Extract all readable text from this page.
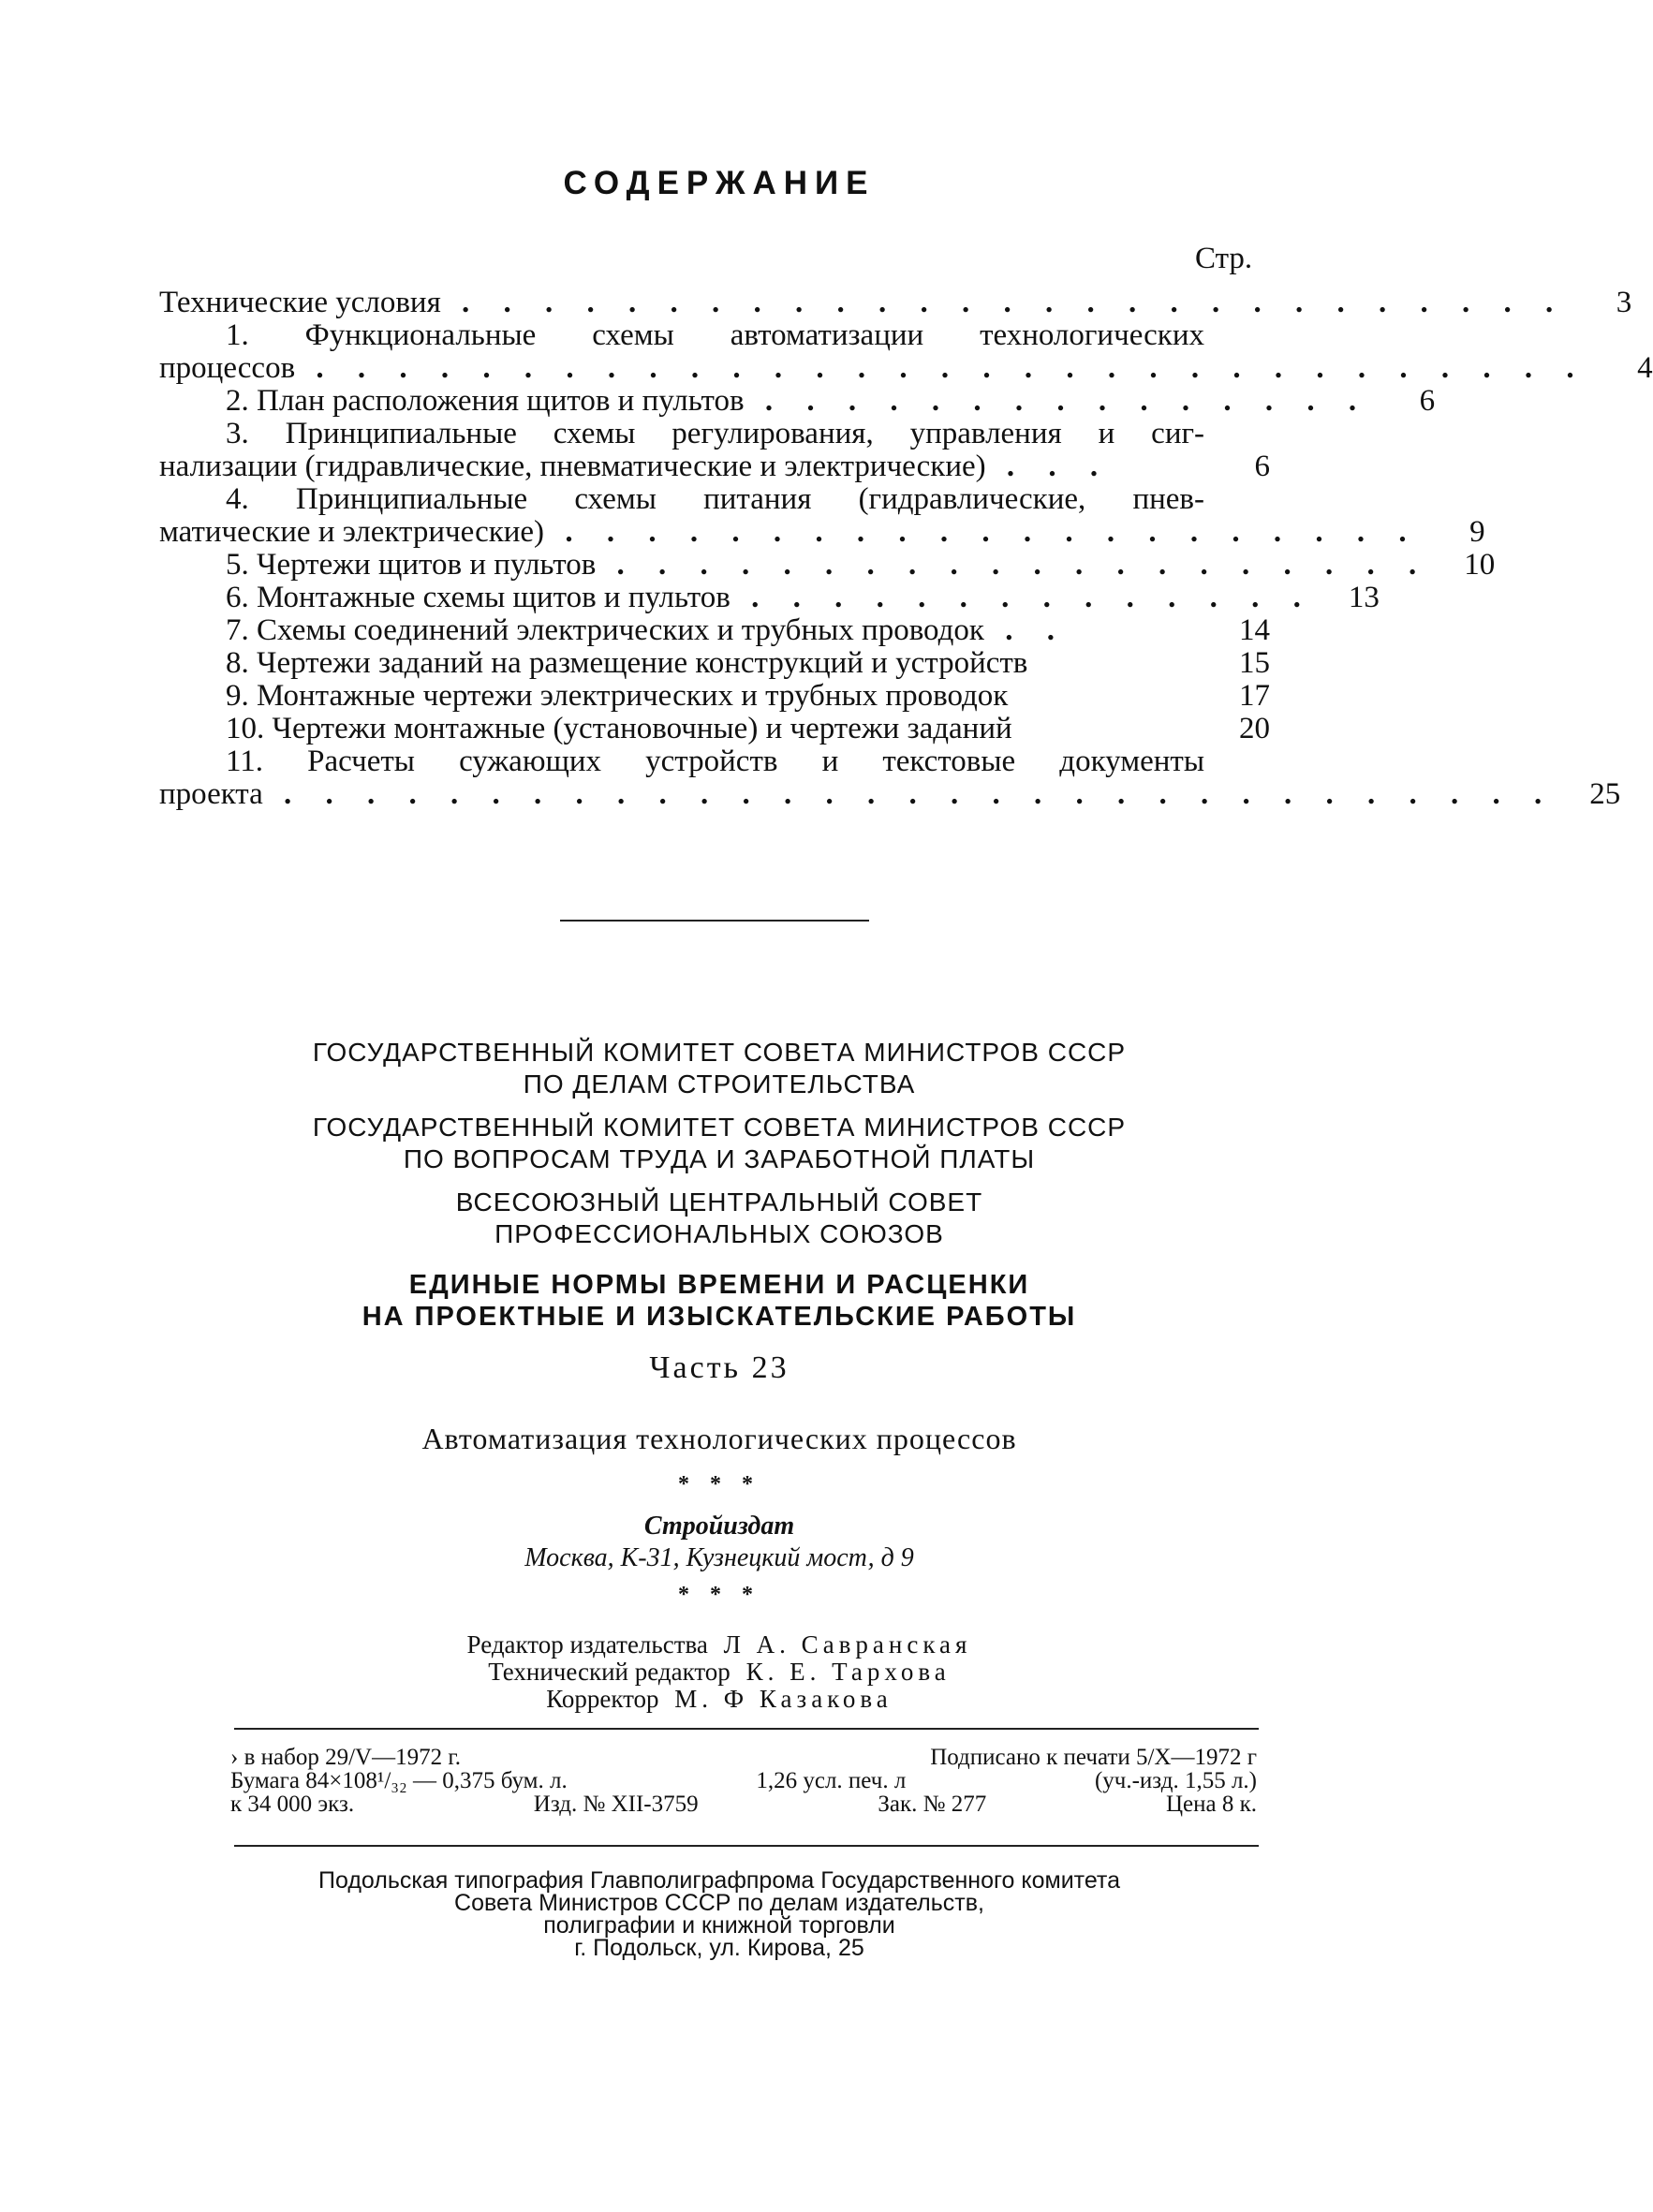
СОДЕРЖАНИЕ
Стр.
Технические условия . . . . . . . . . . . . . . . . . . . . . . . . . . .	3
1. Функциональные схемы автоматизации технологических
процессов . . . . . . . . . . . . . . . . . . . . . . . . . . . . . . .	4
2. План расположения щитов и пультов . . . . . . . . . . . . . . .	6
3. Принципиальные схемы регулирования, управления и сиг-
нализации (гидравлические, пневматические и электрические) . . .	6
4. Принципиальные схемы питания (гидравлические, пнев-
матические и электрические) . . . . . . . . . . . . . . . . . . . . .	9
5. Чертежи щитов и пультов . . . . . . . . . . . . . . . . . . . .	10
6. Монтажные схемы щитов и пультов . . . . . . . . . . . . . .	13
7. Схемы соединений электрических и трубных проводок . .	14
8. Чертежи заданий на размещение конструкций и устройств	15
9. Монтажные чертежи электрических и трубных проводок	17
10. Чертежи монтажные (установочные) и чертежи заданий	20
11. Расчеты сужающих устройств и текстовые документы
проекта . . . . . . . . . . . . . . . . . . . . . . . . . . . . . . .	25
ГОСУДАРСТВЕННЫЙ КОМИТЕТ СОВЕТА МИНИСТРОВ СССР
ПО ДЕЛАМ СТРОИТЕЛЬСТВА
ГОСУДАРСТВЕННЫЙ КОМИТЕТ СОВЕТА МИНИСТРОВ СССР
ПО ВОПРОСАМ ТРУДА И ЗАРАБОТНОЙ ПЛАТЫ
ВСЕСОЮЗНЫЙ ЦЕНТРАЛЬНЫЙ СОВЕТ
ПРОФЕССИОНАЛЬНЫХ СОЮЗОВ
ЕДИНЫЕ НОРМЫ ВРЕМЕНИ И РАСЦЕНКИ
НА ПРОЕКТНЫЕ И ИЗЫСКАТЕЛЬСКИЕ РАБОТЫ
Часть 23
Автоматизация технологических процессов
* * *
Стройиздат
Москва, К-31, Кузнецкий мост, д 9
* * *
Редактор издательства Л А. Савранская
Технический редактор К. Е. Тархова
Корректор М. Ф Казакова
› в набор 29/V—1972 г.	Подписано к печати 5/X—1972 г
Бумага 84×108¹/₃₂ — 0,375 бум. л.	1,26 усл. печ. л	(уч.-изд. 1,55 л.)
к 34 000 экз.	Изд. № XII-3759	Зак. № 277	Цена 8 к.
Подольская типография Главполиграфпрома Государственного комитета
Совета Министров СССР по делам издательств,
полиграфии и книжной торговли
г. Подольск, ул. Кирова, 25
